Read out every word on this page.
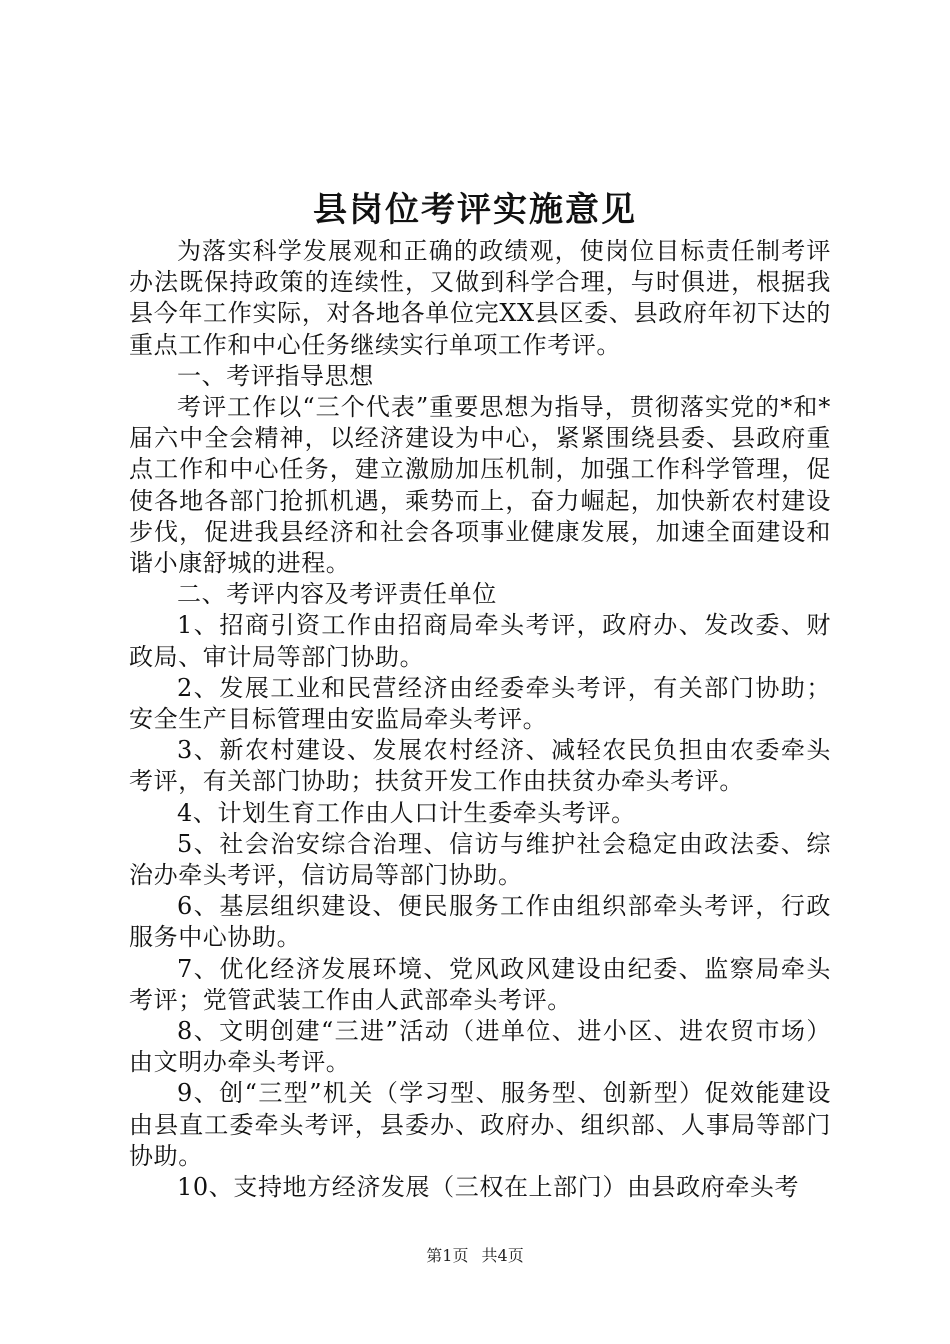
县岗位考评实施意见

为落实科学发展观和正确的政绩观，使岗位目标责任制考评办法既保持政策的连续性，又做到科学合理，与时俱进，根据我县今年工作实际，对各地各单位完XX县区委、县政府年初下达的重点工作和中心任务继续实行单项工作考评。

一、考评指导思想

考评工作以“三个代表”重要思想为指导，贯彻落实党的*和*届六中全会精神，以经济建设为中心，紧紧围绕县委、县政府重点工作和中心任务，建立激励加压机制，加强工作科学管理，促使各地各部门抢抓机遇，乘势而上，奋力崛起，加快新农村建设步伐，促进我县经济和社会各项事业健康发展，加速全面建设和谐小康舒城的进程。

二、考评内容及考评责任单位

1、招商引资工作由招商局牵头考评，政府办、发改委、财政局、审计局等部门协助。

2、发展工业和民营经济由经委牵头考评，有关部门协助；安全生产目标管理由安监局牵头考评。

3、新农村建设、发展农村经济、减轻农民负担由农委牵头考评，有关部门协助；扶贫开发工作由扶贫办牵头考评。

4、计划生育工作由人口计生委牵头考评。

5、社会治安综合治理、信访与维护社会稳定由政法委、综治办牵头考评，信访局等部门协助。

6、基层组织建设、便民服务工作由组织部牵头考评，行政服务中心协助。

7、优化经济发展环境、党风政风建设由纪委、监察局牵头考评；党管武装工作由人武部牵头考评。

8、文明创建“三进”活动（进单位、进小区、进农贸市场）由文明办牵头考评。

9、创“三型”机关（学习型、服务型、创新型）促效能建设由县直工委牵头考评，县委办、政府办、组织部、人事局等部门协助。

10、支持地方经济发展（三权在上部门）由县政府牵头考

第1页 共4页
